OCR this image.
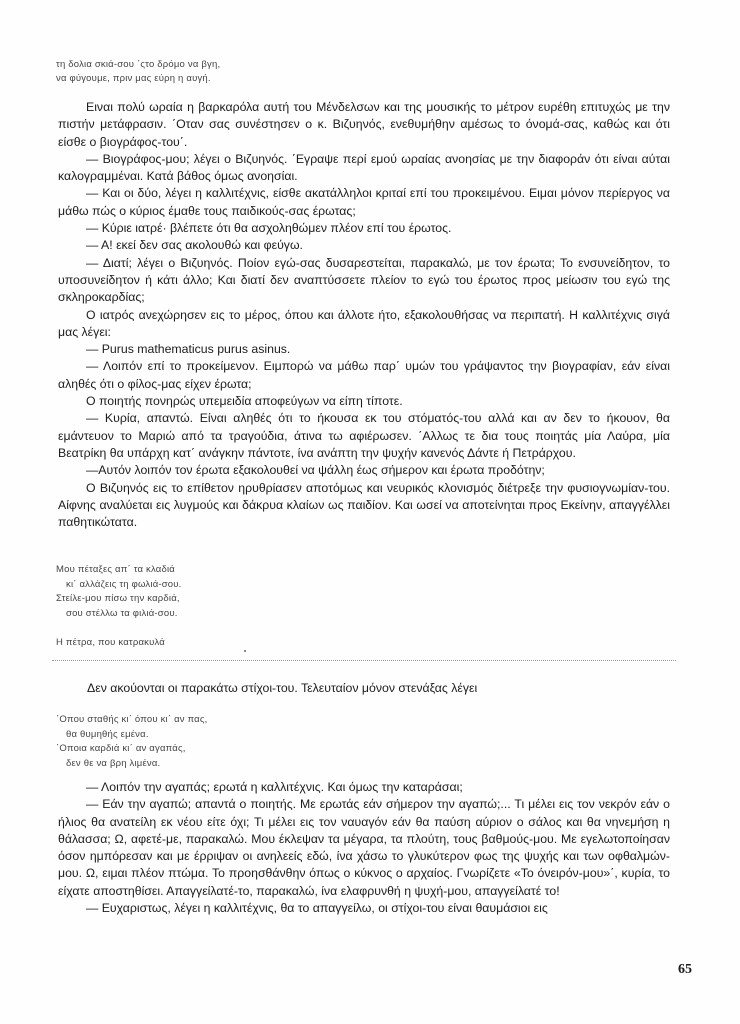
τη δολια σκιά-σου ΄ςτο δρόμο να βγη,
να φύγουμε, πριν μας εύρη η αυγή.

Ειναι πολύ ωραία η βαρκαρόλα αυτή του Μένδελσων και της μουσικής το μέτρον ευρέθη επιτυχώς με την πιστήν μετάφρασιν. ΄Οταν σας συνέστησεν ο κ. Βιζυηνός, ενεθυμήθην αμέσως το όνομά-σας, καθώς και ότι είσθε ο βιογράφος-του΄.

— Βιογράφος-μου; λέγει ο Βιζυηνός. ΄Εγραψε περί εμού ωραίας ανοησίας με την διαφοράν ότι είναι αύται καλογραμμέναι. Κατά βάθος όμως ανοησίαι.

— Και οι δύο, λέγει η καλλιτέχνις, είσθε ακατάλληλοι κριταί επί του προκειμένου. Ειμαι μόνον περίεργος να μάθω πώς ο κύριος έμαθε τους παιδικούς-σας έρωτας;

— Κύριε ιατρέ· βλέπετε ότι θα ασχοληθώμεν πλέον επί του έρωτος.

— Α! εκεί δεν σας ακολουθώ και φεύγω.

— Διατί; λέγει ο Βιζυηνός. Ποίον εγώ-σας δυσαρεστείται, παρακαλώ, με τον έρωτα; Το ενσυνείδητον, το υποσυνείδητον ή κάτι άλλο; Και διατί δεν αναπτύσσετε πλείον το εγώ του έρωτος προς μείωσιν του εγώ της σκληροκαρδίας;

Ο ιατρός ανεχώρησεν εις το μέρος, όπου και άλλοτε ήτο, εξακολουθήσας να περιπατή. Η καλλιτέχνις σιγά μας λέγει:

— Purus mathematicus purus asinus.

— Λοιπόν επί το προκείμενον. Ειμπορώ να μάθω παρ΄ υμών του γράψαντος την βιογραφίαν, εάν είναι αληθές ότι ο φίλος-μας είχεν έρωτα;

Ο ποιητής πονηρώς υπεμειδία αποφεύγων να είπη τίποτε.

— Κυρία, απαντώ. Είναι αληθές ότι το ήκουσα εκ του στόματός-του αλλά και αν δεν το ήκουον, θα εμάντευον το Μαριώ από τα τραγούδια, άτινα τω αφιέρωσεν. ΄Αλλως τε δια τους ποιητάς μία Λαύρα, μία Βεατρίκη θα υπάρχη κατ΄ ανάγκην πάντοτε, ίνα ανάπτη την ψυχήν κανενός Δάντε ή Πετράρχου.

—Αυτόν λοιπόν τον έρωτα εξακολουθεί να ψάλλη έως σήμερον και έρωτα προδότην;

Ο Βιζυηνός εις το επίθετον ηρυθρίασεν αποτόμως και νευρικός κλονισμός διέτρεξε την φυσιογνωμίαν-του. Αίφνης αναλύεται εις λυγμούς και δάκρυα κλαίων ως παιδίον. Και ωσεί να αποτείνηται προς Εκείνην, απαγγέλλει παθητικώτατα.

Μου πέταξες απ΄ τα κλαδιά
κι΄ αλλάζεις τη φωλιά-σου.
Στείλε-μου πίσω την καρδιά,
σου στέλλω τα φιλιά-σου.
Η πέτρα, που κατρακυλά
Δεν ακούονται οι παρακάτω στίχοι-του. Τελευταίον μόνον στενάξας λέγει
΄Οπου σταθής κι΄ όπου κι΄ αν πας,
θα θυμηθής εμένα.
΄Οποια καρδιά κι΄ αν αγαπάς,
δεν θε να βρη λιμένα.

— Λοιπόν την αγαπάς; ερωτά η καλλιτέχνις. Και όμως την καταράσαι;

— Εάν την αγαπώ; απαντά ο ποιητής. Με ερωτάς εάν σήμερον την αγαπώ;... Τι μέλει εις τον νεκρόν εάν ο ήλιος θα ανατείλη εκ νέου είτε όχι; Τι μέλει εις τον ναυαγόν εάν θα παύση αύριον ο σάλος και θα νηνεμήση η θάλασσα; Ω, αφετέ-με, παρακαλώ. Μου έκλεψαν τα μέγαρα, τα πλούτη, τους βαθμούς-μου. Με εγελωτοποίησαν όσον ημπόρεσαν και με έρριψαν οι ανηλεείς εδώ, ίνα χάσω το γλυκύτερον φως της ψυχής και των οφθαλμών-μου. Ω, ειμαι πλέον πτώμα. Το προησθάνθην όπως ο κύκνος ο αρχαίος. Γνωρίζετε «Το όνειρόν-μου»΄, κυρία, το είχατε αποστηθίσει. Απαγγείλατέ-το, παρακαλώ, ίνα ελαφρυνθή η ψυχή-μου, απαγγείλατέ το!

— Ευχαριστως, λέγει η καλλιτέχνις, θα το απαγγείλω, οι στίχοι-του είναι θαυμάσιοι εις

65
